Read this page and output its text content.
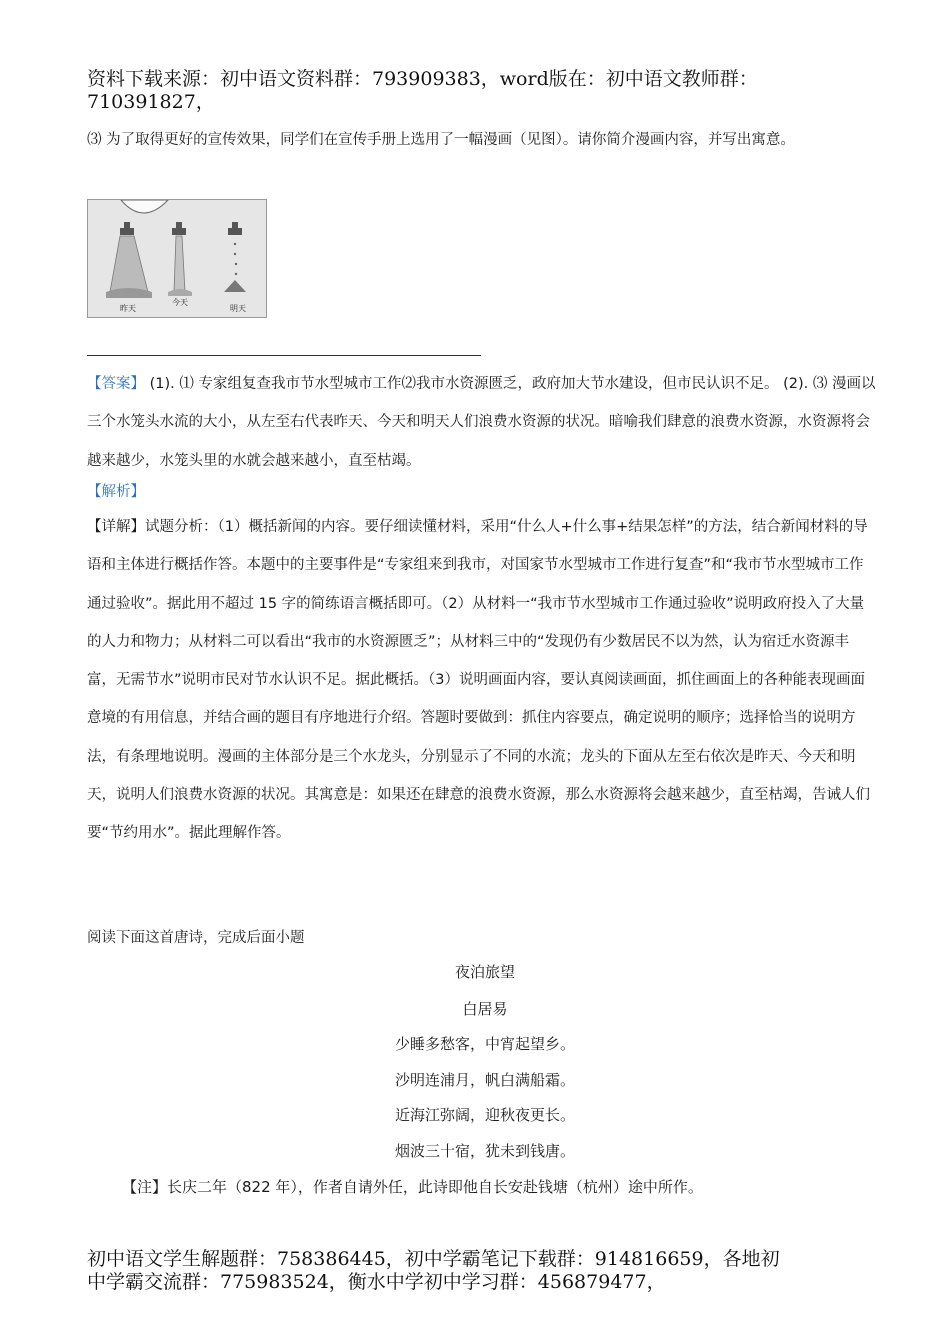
资料下载来源：初中语文资料群：793909383，word版在：初中语文教师群：
710391827，
⑶ 为了取得更好的宣传效果，同学们在宣传手册上选用了一幅漫画（见图）。请你简介漫画内容，并写出寓意。
昨天
今天
明天
【答案】 (1). ⑴ 专家组复查我市节水型城市工作⑵我市水资源匮乏，政府加大节水建设，但市民认识不足。 (2). ⑶ 漫画以三个水笼头水流的大小，从左至右代表昨天、今天和明天人们浪费水资源的状况。暗喻我们肆意的浪费水资源，水资源将会越来越少，水笼头里的水就会越来越小，直至枯竭。
【解析】
【详解】试题分析：（1）概括新闻的内容。要仔细读懂材料，采用“什么人+什么事+结果怎样”的方法，结合新闻材料的导语和主体进行概括作答。本题中的主要事件是“专家组来到我市，对国家节水型城市工作进行复查”和“我市节水型城市工作通过验收”。据此用不超过 15 字的简练语言概括即可。（2）从材料一“我市节水型城市工作通过验收”说明政府投入了大量的人力和物力；从材料二可以看出“我市的水资源匮乏”；从材料三中的“发现仍有少数居民不以为然，认为宿迁水资源丰富，无需节水”说明市民对节水认识不足。据此概括。（3）说明画面内容，要认真阅读画面，抓住画面上的各种能表现画面意境的有用信息，并结合画的题目有序地进行介绍。答题时要做到：抓住内容要点，确定说明的顺序；选择恰当的说明方法，有条理地说明。漫画的主体部分是三个水龙头，分别显示了不同的水流；龙头的下面从左至右依次是昨天、今天和明天，说明人们浪费水资源的状况。其寓意是：如果还在肆意的浪费水资源，那么水资源将会越来越少，直至枯竭，告诫人们要“节约用水”。据此理解作答。
阅读下面这首唐诗，完成后面小题
夜泊旅望
白居易
少睡多愁客，中宵起望乡。
沙明连浦月，帆白满船霜。
近海江弥阔，迎秋夜更长。
烟波三十宿，犹未到钱唐。
【注】长庆二年（822 年），作者自请外任，此诗即他自长安赴钱塘（杭州）途中所作。
初中语文学生解题群：758386445，初中学霸笔记下载群：914816659，各地初
中学霸交流群：775983524，衡水中学初中学习群：456879477，
